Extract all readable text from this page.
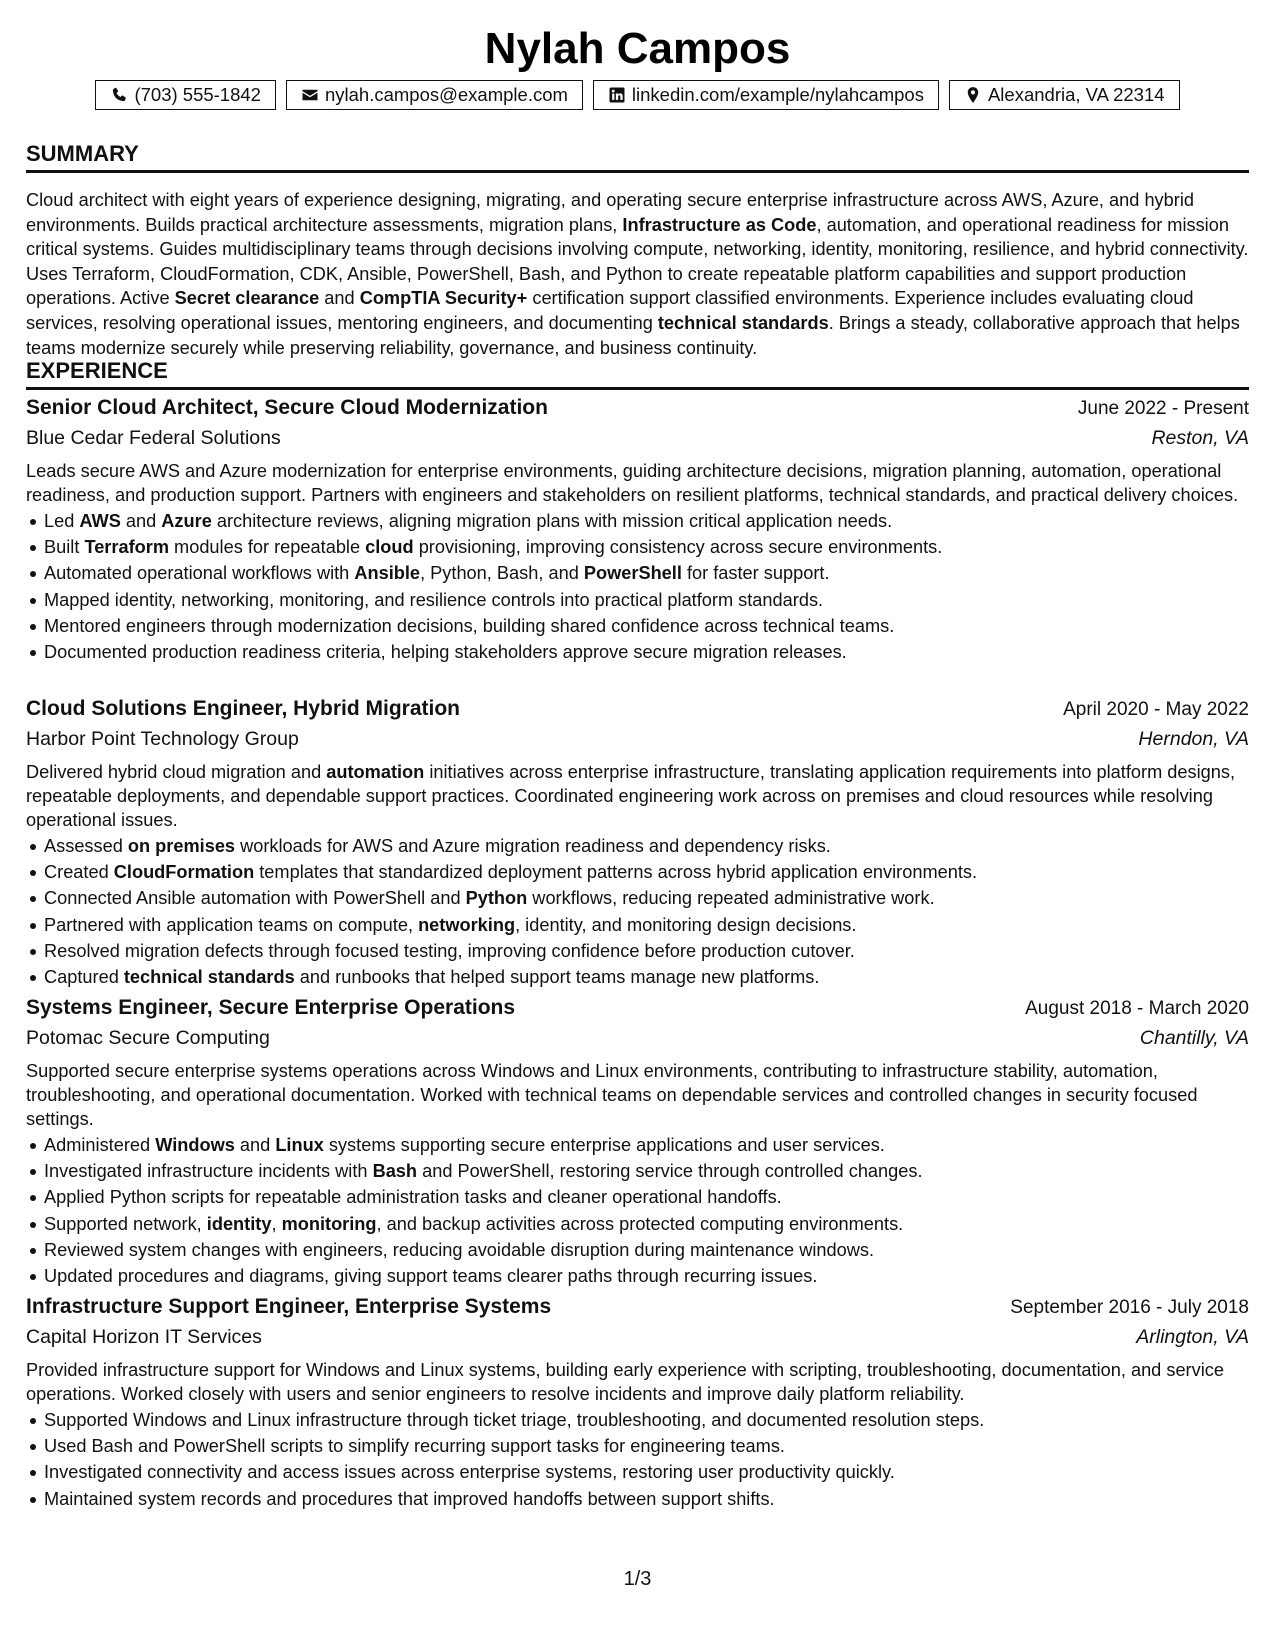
Nylah Campos
(703) 555-1842	nylah.campos@example.com	linkedin.com/example/nylahcampos	Alexandria, VA 22314
SUMMARY

Cloud architect with eight years of experience designing, migrating, and operating secure enterprise infrastructure across AWS, Azure, and hybrid environments. Builds practical architecture assessments, migration plans, Infrastructure as Code, automation, and operational readiness for mission critical systems. Guides multidisciplinary teams through decisions involving compute, networking, identity, monitoring, resilience, and hybrid connectivity. Uses Terraform, CloudFormation, CDK, Ansible, PowerShell, Bash, and Python to create repeatable platform capabilities and support production operations. Active Secret clearance and CompTIA Security+ certification support classified environments. Experience includes evaluating cloud services, resolving operational issues, mentoring engineers, and documenting technical standards. Brings a steady, collaborative approach that helps teams modernize securely while preserving reliability, governance, and business continuity.

EXPERIENCE
Senior Cloud Architect, Secure Cloud Modernization	June 2022 - Present
Blue Cedar Federal Solutions	Reston, VA

Leads secure AWS and Azure modernization for enterprise environments, guiding architecture decisions, migration planning, automation, operational readiness, and production support. Partners with engineers and stakeholders on resilient platforms, technical standards, and practical delivery choices.

Led AWS and Azure architecture reviews, aligning migration plans with mission critical application needs.
Built Terraform modules for repeatable cloud provisioning, improving consistency across secure environments.
Automated operational workflows with Ansible, Python, Bash, and PowerShell for faster support.
Mapped identity, networking, monitoring, and resilience controls into practical platform standards.
Mentored engineers through modernization decisions, building shared confidence across technical teams.
Documented production readiness criteria, helping stakeholders approve secure migration releases.
Cloud Solutions Engineer, Hybrid Migration	April 2020 - May 2022
Harbor Point Technology Group	Herndon, VA

Delivered hybrid cloud migration and automation initiatives across enterprise infrastructure, translating application requirements into platform designs, repeatable deployments, and dependable support practices. Coordinated engineering work across on premises and cloud resources while resolving operational issues.

Assessed on premises workloads for AWS and Azure migration readiness and dependency risks.
Created CloudFormation templates that standardized deployment patterns across hybrid application environments.
Connected Ansible automation with PowerShell and Python workflows, reducing repeated administrative work.
Partnered with application teams on compute, networking, identity, and monitoring design decisions.
Resolved migration defects through focused testing, improving confidence before production cutover.
Captured technical standards and runbooks that helped support teams manage new platforms.
Systems Engineer, Secure Enterprise Operations	August 2018 - March 2020
Potomac Secure Computing	Chantilly, VA

Supported secure enterprise systems operations across Windows and Linux environments, contributing to infrastructure stability, automation, troubleshooting, and operational documentation. Worked with technical teams on dependable services and controlled changes in security focused settings.

Administered Windows and Linux systems supporting secure enterprise applications and user services.
Investigated infrastructure incidents with Bash and PowerShell, restoring service through controlled changes.
Applied Python scripts for repeatable administration tasks and cleaner operational handoffs.
Supported network, identity, monitoring, and backup activities across protected computing environments.
Reviewed system changes with engineers, reducing avoidable disruption during maintenance windows.
Updated procedures and diagrams, giving support teams clearer paths through recurring issues.
Infrastructure Support Engineer, Enterprise Systems	September 2016 - July 2018
Capital Horizon IT Services	Arlington, VA

Provided infrastructure support for Windows and Linux systems, building early experience with scripting, troubleshooting, documentation, and service operations. Worked closely with users and senior engineers to resolve incidents and improve daily platform reliability.

Supported Windows and Linux infrastructure through ticket triage, troubleshooting, and documented resolution steps.
Used Bash and PowerShell scripts to simplify recurring support tasks for engineering teams.
Investigated connectivity and access issues across enterprise systems, restoring user productivity quickly.
Maintained system records and procedures that improved handoffs between support shifts.
1/3
